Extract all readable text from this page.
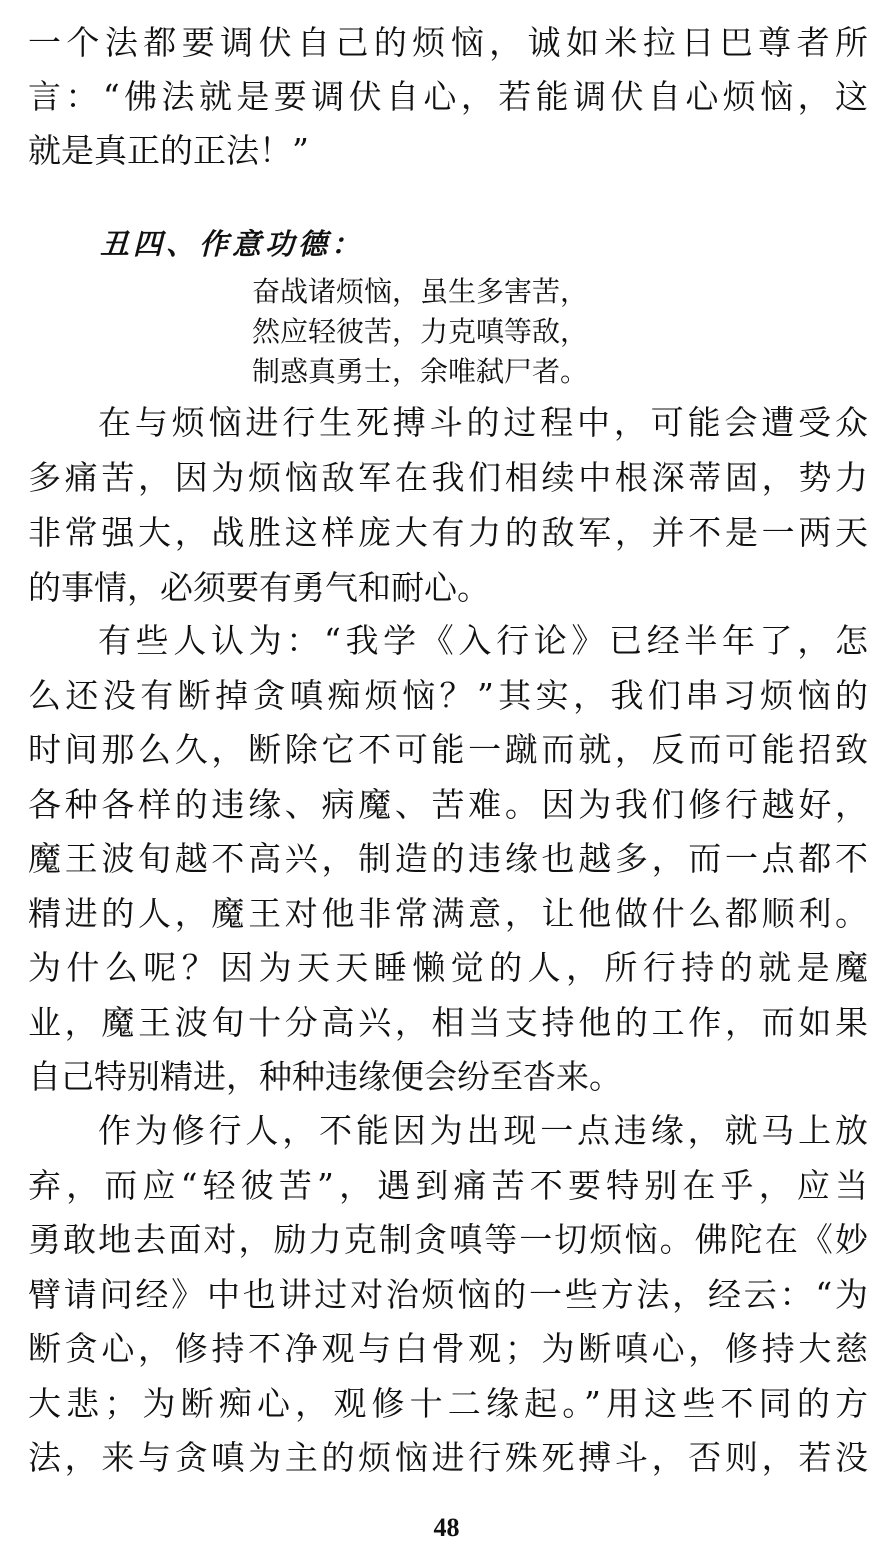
一个法都要调伏自己的烦恼，诚如米拉日巴尊者所
言：“佛法就是要调伏自心，若能调伏自心烦恼，这
就是真正的正法！”
丑四、作意功德：
奋战诸烦恼，虽生多害苦，
然应轻彼苦，力克嗔等敌，
制惑真勇士，余唯弑尸者。
在与烦恼进行生死搏斗的过程中，可能会遭受众
多痛苦，因为烦恼敌军在我们相续中根深蒂固，势力
非常强大，战胜这样庞大有力的敌军，并不是一两天
的事情，必须要有勇气和耐心。
有些人认为：“我学《入行论》已经半年了，怎
么还没有断掉贪嗔痴烦恼？”其实，我们串习烦恼的
时间那么久，断除它不可能一蹴而就，反而可能招致
各种各样的违缘、病魔、苦难。因为我们修行越好，
魔王波旬越不高兴，制造的违缘也越多，而一点都不
精进的人，魔王对他非常满意，让他做什么都顺利。
为什么呢？因为天天睡懒觉的人，所行持的就是魔
业，魔王波旬十分高兴，相当支持他的工作，而如果
自己特别精进，种种违缘便会纷至沓来。
作为修行人，不能因为出现一点违缘，就马上放
弃，而应“轻彼苦”，遇到痛苦不要特别在乎，应当
勇敢地去面对，励力克制贪嗔等一切烦恼。佛陀在《妙
臂请问经》中也讲过对治烦恼的一些方法，经云：“为
断贪心，修持不净观与白骨观；为断嗔心，修持大慈
大悲；为断痴心，观修十二缘起。”用这些不同的方
法，来与贪嗔为主的烦恼进行殊死搏斗，否则，若没
48
